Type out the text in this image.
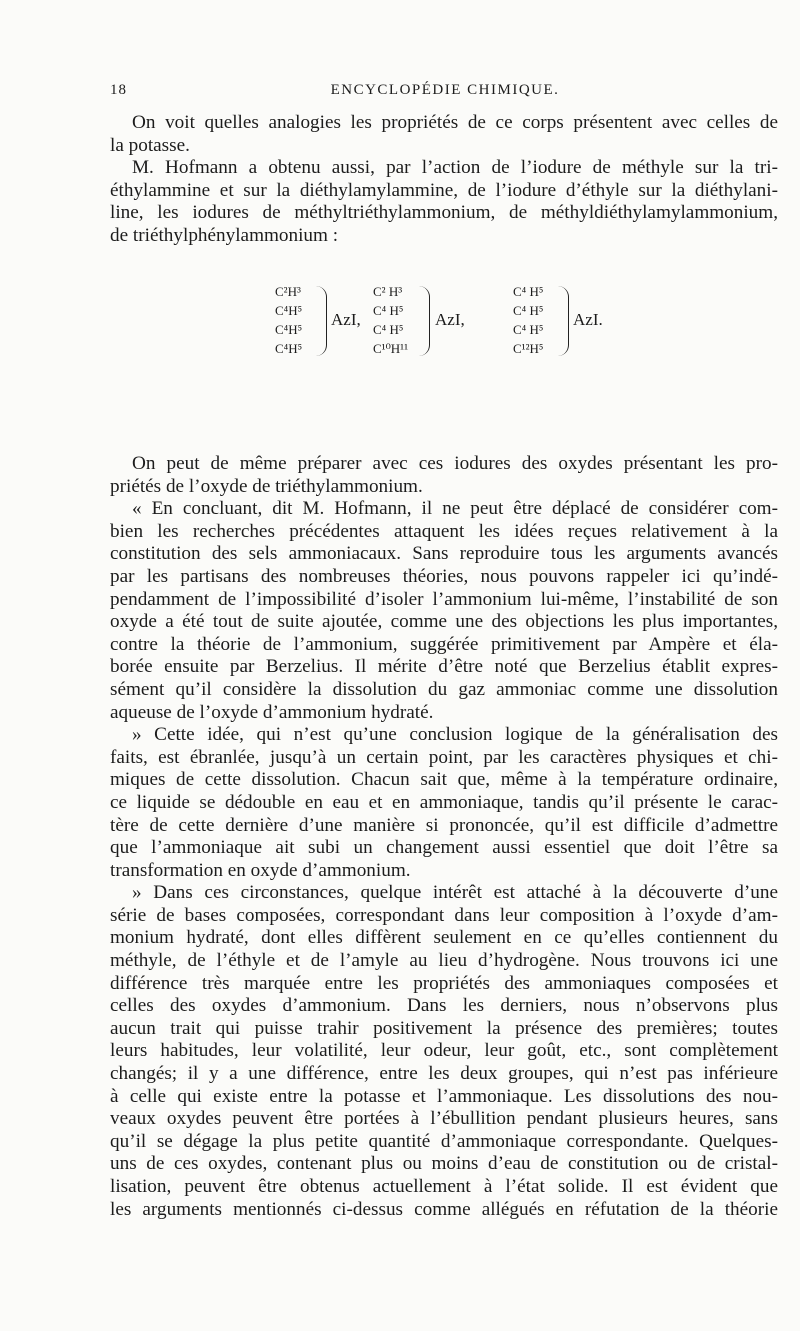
18	ENCYCLOPÉDIE CHIMIQUE.
On voit quelles analogies les propriétés de ce corps présentent avec celles de
la potasse.
M. Hofmann a obtenu aussi, par l’action de l’iodure de méthyle sur la tri-
éthylammine et sur la diéthylamylammine, de l’iodure d’éthyle sur la diéthylani-
line, les iodures de méthyltriéthylammonium, de méthyldiéthylamylammonium,
de triéthylphénylammonium :
C²H³
C⁴H⁵
C⁴H⁵
C⁴H⁵
AzI,
C² H³
C⁴ H⁵
C⁴ H⁵
C¹⁰H¹¹
AzI,
C⁴ H⁵
C⁴ H⁵
C⁴ H⁵
C¹²H⁵
AzI.
On peut de même préparer avec ces iodures des oxydes présentant les pro-
priétés de l’oxyde de triéthylammonium.
« En concluant, dit M. Hofmann, il ne peut être déplacé de considérer com-
bien les recherches précédentes attaquent les idées reçues relativement à la
constitution des sels ammoniacaux. Sans reproduire tous les arguments avancés
par les partisans des nombreuses théories, nous pouvons rappeler ici qu’indé-
pendamment de l’impossibilité d’isoler l’ammonium lui-même, l’instabilité de son
oxyde a été tout de suite ajoutée, comme une des objections les plus importantes,
contre la théorie de l’ammonium, suggérée primitivement par Ampère et éla-
borée ensuite par Berzelius. Il mérite d’être noté que Berzelius établit expres-
sément qu’il considère la dissolution du gaz ammoniac comme une dissolution
aqueuse de l’oxyde d’ammonium hydraté.
» Cette idée, qui n’est qu’une conclusion logique de la généralisation des
faits, est ébranlée, jusqu’à un certain point, par les caractères physiques et chi-
miques de cette dissolution. Chacun sait que, même à la température ordinaire,
ce liquide se dédouble en eau et en ammoniaque, tandis qu’il présente le carac-
tère de cette dernière d’une manière si prononcée, qu’il est difficile d’admettre
que l’ammoniaque ait subi un changement aussi essentiel que doit l’être sa
transformation en oxyde d’ammonium.
» Dans ces circonstances, quelque intérêt est attaché à la découverte d’une
série de bases composées, correspondant dans leur composition à l’oxyde d’am-
monium hydraté, dont elles diffèrent seulement en ce qu’elles contiennent du
méthyle, de l’éthyle et de l’amyle au lieu d’hydrogène. Nous trouvons ici une
différence très marquée entre les propriétés des ammoniaques composées et
celles des oxydes d’ammonium. Dans les derniers, nous n’observons plus
aucun trait qui puisse trahir positivement la présence des premières; toutes
leurs habitudes, leur volatilité, leur odeur, leur goût, etc., sont complètement
changés; il y a une différence, entre les deux groupes, qui n’est pas inférieure
à celle qui existe entre la potasse et l’ammoniaque. Les dissolutions des nou-
veaux oxydes peuvent être portées à l’ébullition pendant plusieurs heures, sans
qu’il se dégage la plus petite quantité d’ammoniaque correspondante. Quelques-
uns de ces oxydes, contenant plus ou moins d’eau de constitution ou de cristal-
lisation, peuvent être obtenus actuellement à l’état solide. Il est évident que
les arguments mentionnés ci-dessus comme allégués en réfutation de la théorie
